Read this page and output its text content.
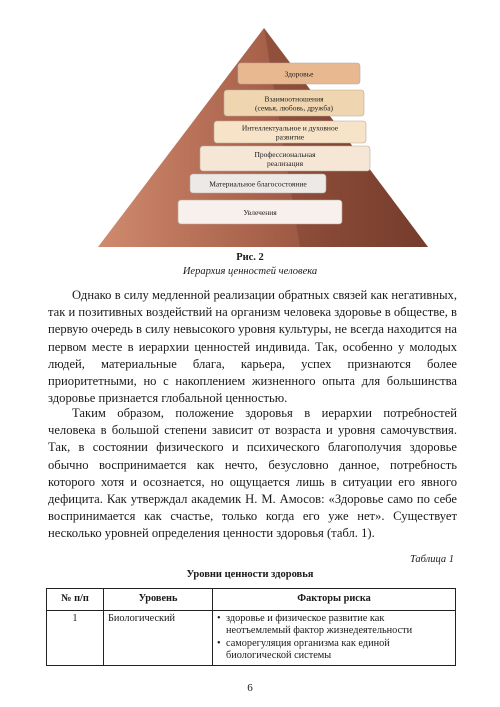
Здоровье
Взаимоотношения
(семья, любовь, дружба)
Интеллектуальное и духовное
развитие
Профессиональная
реализация
Материальное благосостояние
Увлечения
Рис. 2
Иерархия ценностей человека

Однако в силу медленной реализации обратных связей как негативных, так и позитивных воздействий на организм человека здоровье в обществе, в первую очередь в силу невысокого уровня культуры, не всегда находится на первом месте в иерархии ценностей индивида. Так, особенно у молодых людей, материальные блага, карьера, успех признаются более приоритетными, но с накоплением жизненного опыта для большинства здоровье признается глобальной ценностью.

Таким образом, положение здоровья в иерархии потребностей человека в большой степени зависит от возраста и уровня самочувствия. Так, в состоянии физического и психического благополучия здоровье обычно воспринимается как нечто, безусловно данное, потребность которого хотя и осознается, но ощущается лишь в ситуации его явного дефицита. Как утверждал академик Н. М. Амосов: «Здоровье само по себе воспринимается как счастье, только когда его уже нет». Существует несколько уровней определения ценности здоровья (табл. 1).

Таблица 1
Уровни ценности здоровья
№ п/п	Уровень	Факторы риска
1	Биологический	• здоровье и физическое развитие как неотъемлемый фактор жизнедеятельности
• саморегуляция организма как единой биологической системы
6
